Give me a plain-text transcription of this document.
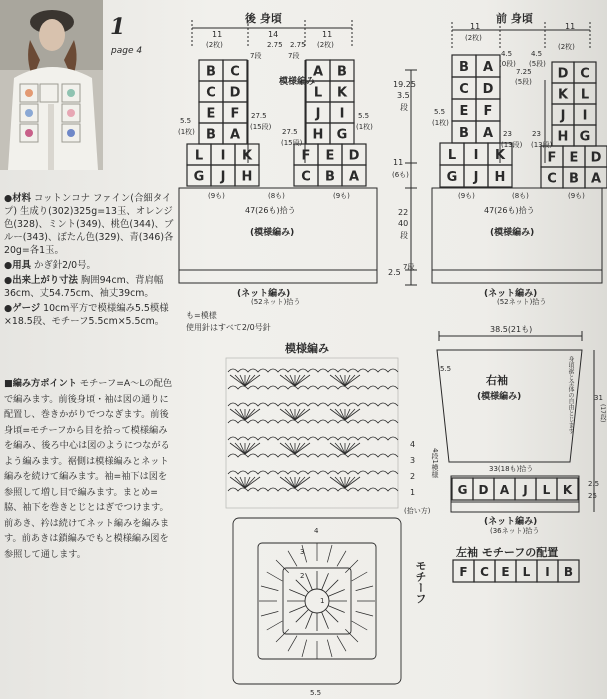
1
page 4
●材料 コットンコナ ファイン(合細タイプ) 生成り(302)325g=13玉、オレンジ色(328)、ミント(349)、桃色(344)、ブルー(343)、ぼたん色(329)、青(346)各20g=各1玉。
●用具 かぎ針2/0号。
●出来上がり寸法 胸囲94cm、背肩幅36cm、丈54.75cm、袖丈39cm。
●ゲージ 10cm平方で模様編み5.5模様×18.5段、モチーフ5.5cm×5.5cm。
■編み方ポイント モチーフ=A～Lの配色で編みます。前後身頃・袖は図の通りに配置し、巻きかがりでつなぎます。前後身頃=モチーフから目を拾って模様編みを編み、後ろ中心は図のようにつながるよう編みます。裾側は模様編みとネット編みを続けて編みます。袖=袖下は図を参照して増し目で編みます。まとめ=脇、袖下を巻きとじとはぎでつけます。前あき、衿は続けてネット編みを編みます。前あきは鎖編みでもと模様編み図を参照して通します。
B C
C D
E F
B A
L I K
G J H
A B
L K
J I
H G
F E D
C B A
B A
C D
E F
B A
L I K
G J H
D C
K L
J I
H G
F E D
C B A
G D A J L K
F C E L I B
後 身頃
11	14	11
(2枚)	(2枚)
2.75 2.75
7段	7段
模様編み
5.5
(1枚)
5.5
(1枚)
27.5
(15段)
27.5
(15段)
(9も)	(8も)	(9も)
47(26も)拾う
(模様編み)
(ネット編み)
(52ネット)拾う
前 身頃
11	11
(2枚)
(2枚)
4.5
(0段)
7.25
(5段)
4.5
(5段)
5.5
(1枚)
23
(13段)
23
(13段)
(9も)	(8も)	(9も)
47(26も)拾う
(模様編み)
(ネット編み)
(52ネット)拾う
19.25
3.5
段
11
(6も)
22
40
段
2.5
7段
も=模様
使用針はすべて2/0号針
模様編み
4
3
2
1
4段1模様
(拾い方)
モチーフ
4
3
2
1
5.5
38.5(21も)
5.5
右袖
(模様編み)	身頃裾と全体の自由とじます
33(18も)拾う
31
(17段)
2.5
25
(ネット編み)
(36ネット)拾う
左袖 モチーフの配置
